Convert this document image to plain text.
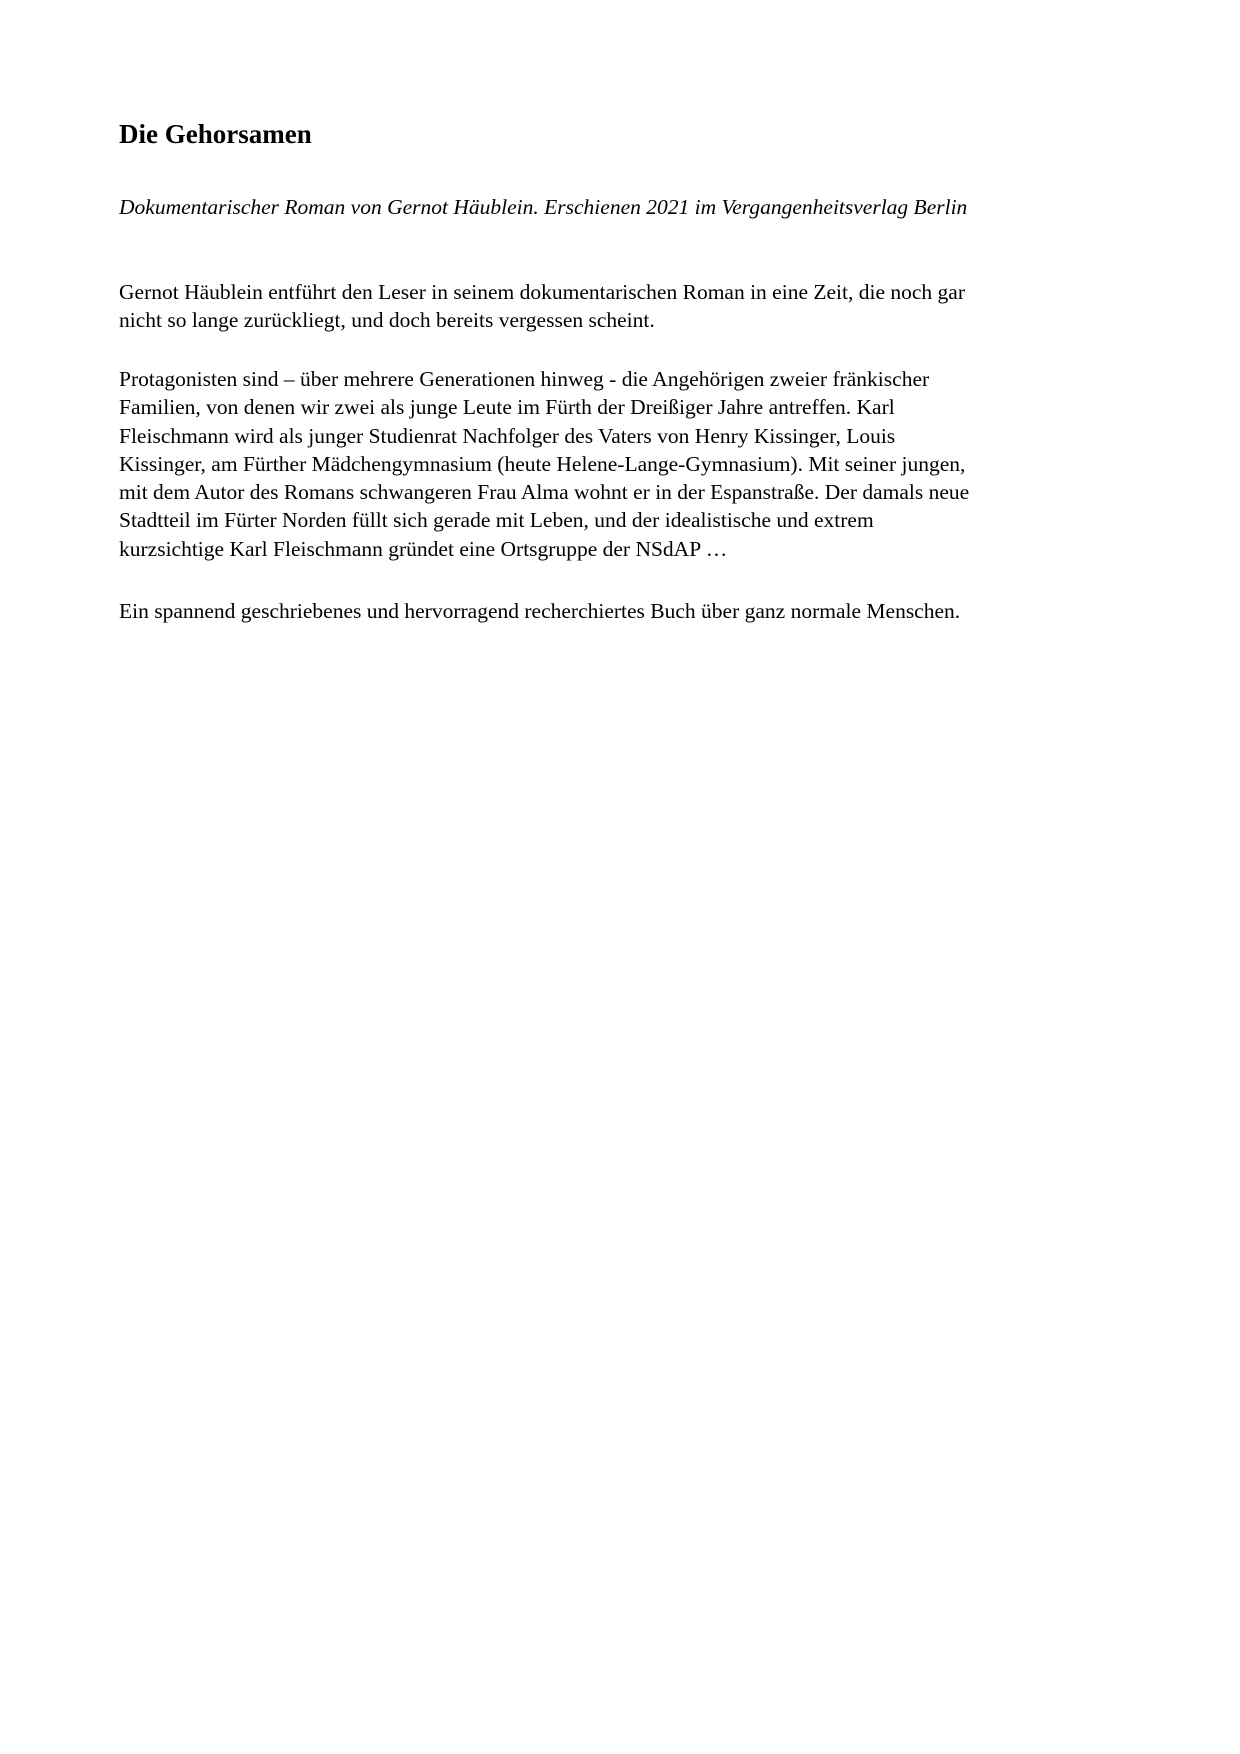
Die Gehorsamen

Dokumentarischer Roman von Gernot Häublein. Erschienen 2021 im Vergangenheitsverlag Berlin

Gernot Häublein entführt den Leser in seinem dokumentarischen Roman in eine Zeit, die noch gar
nicht so lange zurückliegt, und doch bereits vergessen scheint.

Protagonisten sind – über mehrere Generationen hinweg - die Angehörigen zweier fränkischer
Familien, von denen wir zwei als junge Leute im Fürth der Dreißiger Jahre antreffen. Karl
Fleischmann wird als junger Studienrat Nachfolger des Vaters von Henry Kissinger, Louis
Kissinger, am Fürther Mädchengymnasium (heute Helene-Lange-Gymnasium). Mit seiner jungen,
mit dem Autor des Romans schwangeren Frau Alma wohnt er in der Espanstraße. Der damals neue
Stadtteil im Fürter Norden füllt sich gerade mit Leben, und der idealistische und extrem
kurzsichtige Karl Fleischmann gründet eine Ortsgruppe der NSdAP …

Ein spannend geschriebenes und hervorragend recherchiertes Buch über ganz normale Menschen.
